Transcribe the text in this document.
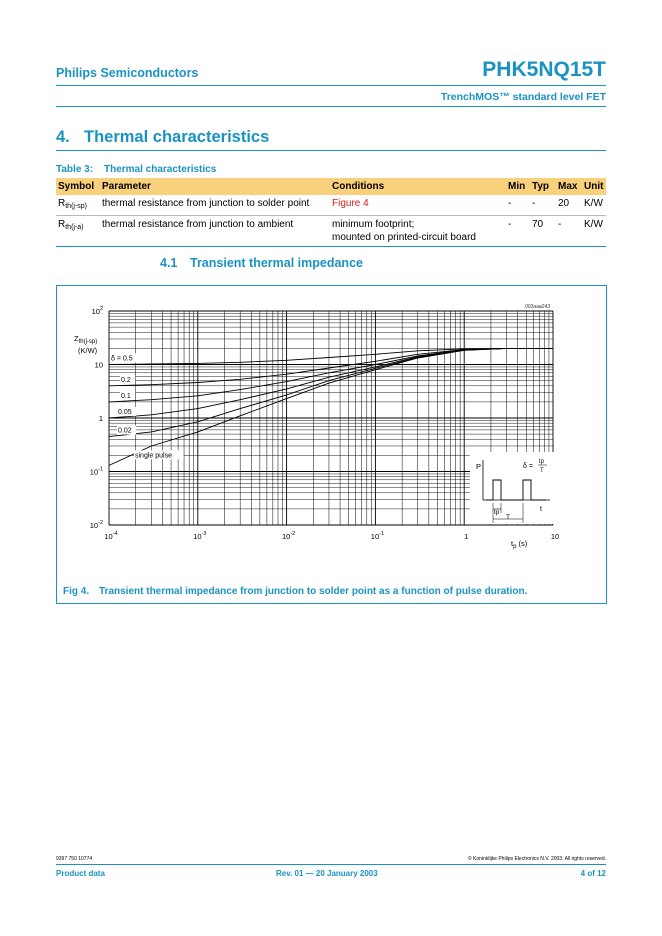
Philips Semiconductors	PHK5NQ15T
TrenchMOS™ standard level FET
4. Thermal characteristics
Table 3: Thermal characteristics
Symbol	Parameter	Conditions	Min	Typ	Max	Unit
$R_{th(j-sp)}$	thermal resistance from junction to solder point	Figure 4	-	-	20	K/W
$R_{th(j-a)}$	thermal resistance from junction to ambient	minimum footprint;
mounted on printed-circuit board	-	70	-	K/W
4.1 Transient thermal impedance
$10^{-4}$	$10^{-3}$	$10^{-2}$	$10^{-1}$	1	10
$10^{-2}$
$10^{-1}$
1
10
$10^2$
δ = 0.5
0.2
0.1
0.05
0.02
single pulse
003aaa243
$Z_{th(j-sp)}$
(K/W)
$t_p$ (s)
P
tp
T
t
δ =
tp
T
Fig 4. Transient thermal impedance from junction to solder point as a function of pulse duration.
9397 750 10774	© Koninklijke Philips Electronics N.V. 2003. All rights reserved.
Product data	Rev. 01 — 20 January 2003	4 of 12
